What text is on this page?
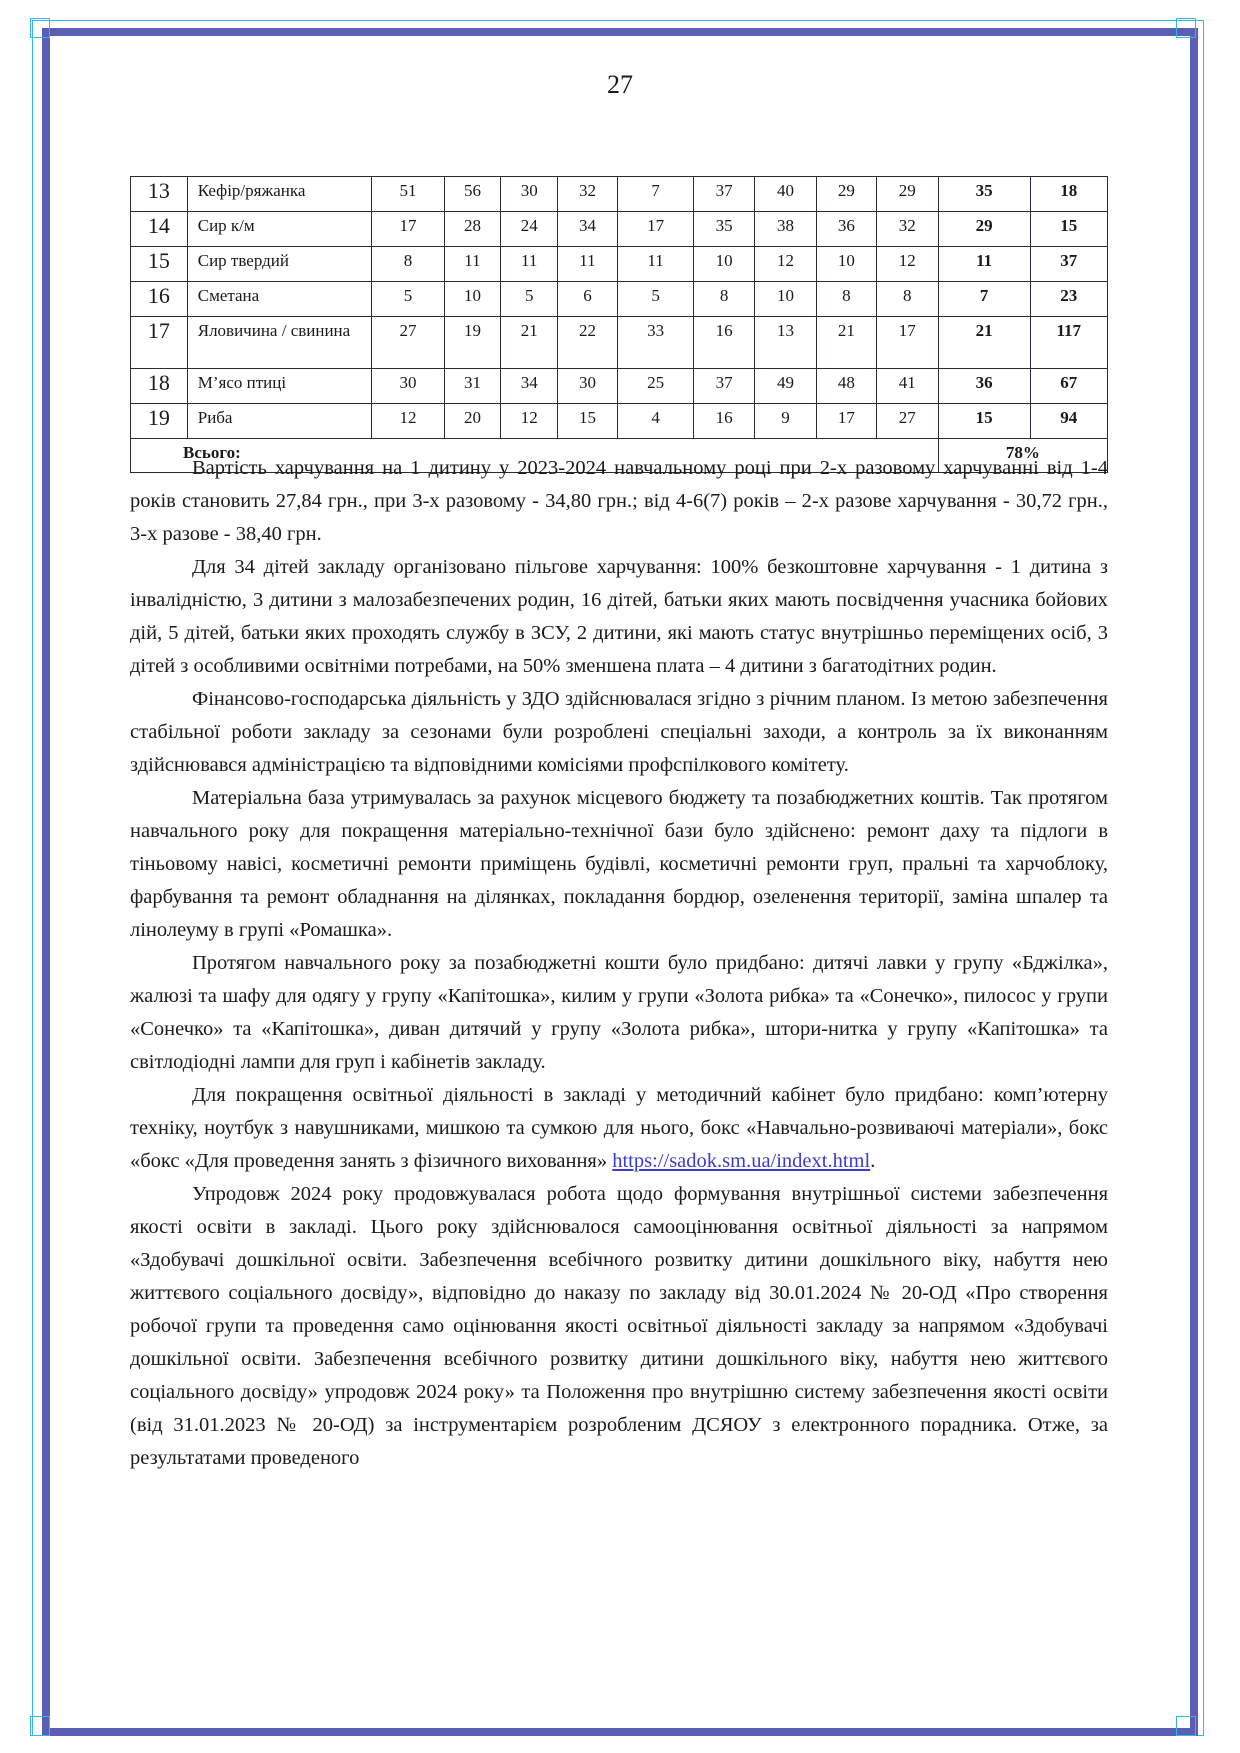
27
13	Кефір/ряжанка	51	56	30	32	7	37	40	29	29	35	18
14	Сир к/м	17	28	24	34	17	35	38	36	32	29	15
15	Сир твердий	8	11	11	11	11	10	12	10	12	11	37
16	Сметана	5	10	5	6	5	8	10	8	8	7	23
17	Яловичина / свинина	27	19	21	22	33	16	13	21	17	21	117
18	М’ясо птиці	30	31	34	30	25	37	49	48	41	36	67
19	Риба	12	20	12	15	4	16	9	17	27	15	94
Всього:											78%	

Вартість харчування на 1 дитину у 2023-2024 навчальному році при 2-х разовому харчуванні від 1-4 років становить 27,84 грн., при 3-х разовому - 34,80 грн.; від 4-6(7) років – 2-х разове харчування - 30,72 грн., 3-х разове - 38,40 грн.

Для 34 дітей закладу організовано пільгове харчування: 100% безкоштовне харчування - 1 дитина з інвалідністю, 3 дитини з малозабезпечених родин, 16 дітей, батьки яких мають посвідчення учасника бойових дій, 5 дітей, батьки яких проходять службу в ЗСУ, 2 дитини, які мають статус внутрішньо переміщених осіб, 3 дітей з особливими освітніми потребами, на 50% зменшена плата – 4 дитини з багатодітних родин.

Фінансово-господарська діяльність у ЗДО здійснювалася згідно з річним планом. Із метою забезпечення стабільної роботи закладу за сезонами були розроблені спеціальні заходи, а контроль за їх виконанням здійснювався адміністрацією та відповідними комісіями профспілкового комітету.

Матеріальна база утримувалась за рахунок місцевого бюджету та позабюджетних коштів. Так протягом навчального року для покращення матеріально-технічної бази було здійснено: ремонт даху та підлоги в тіньовому навісі, косметичні ремонти приміщень будівлі, косметичні ремонти груп, пральні та харчоблоку, фарбування та ремонт обладнання на ділянках, покладання бордюр, озеленення території, заміна шпалер та лінолеуму в групі «Ромашка».

Протягом навчального року за позабюджетні кошти було придбано: дитячі лавки у групу «Бджілка», жалюзі та шафу для одягу у групу «Капітошка», килим у групи «Золота рибка» та «Сонечко», пилосос у групи «Сонечко» та «Капітошка», диван дитячий у групу «Золота рибка», штори-нитка у групу «Капітошка» та світлодіодні лампи для груп і кабінетів закладу.

Для покращення освітньої діяльності в закладі у методичний кабінет було придбано: комп’ютерну техніку, ноутбук з навушниками, мишкою та сумкою для нього, бокс «Навчально-розвиваючі матеріали», бокс «бокс «Для проведення занять з фізичного виховання» https://sadok.sm.ua/indext.html.

Упродовж 2024 року продовжувалася робота щодо формування внутрішньої системи забезпечення якості освіти в закладі. Цього року здійснювалося самооцінювання освітньої діяльності за напрямом «Здобувачі дошкільної освіти. Забезпечення всебічного розвитку дитини дошкільного віку, набуття нею життєвого соціального досвіду», відповідно до наказу по закладу від 30.01.2024 № 20-ОД «Про створення робочої групи та проведення само оцінювання якості освітньої діяльності закладу за напрямом «Здобувачі дошкільної освіти. Забезпечення всебічного розвитку дитини дошкільного віку, набуття нею життєвого соціального досвіду» упродовж 2024 року» та Положення про внутрішню систему забезпечення якості освіти (від 31.01.2023 № 20-ОД) за інструментарієм розробленим ДСЯОУ з електронного порадника. Отже, за результатами проведеного
